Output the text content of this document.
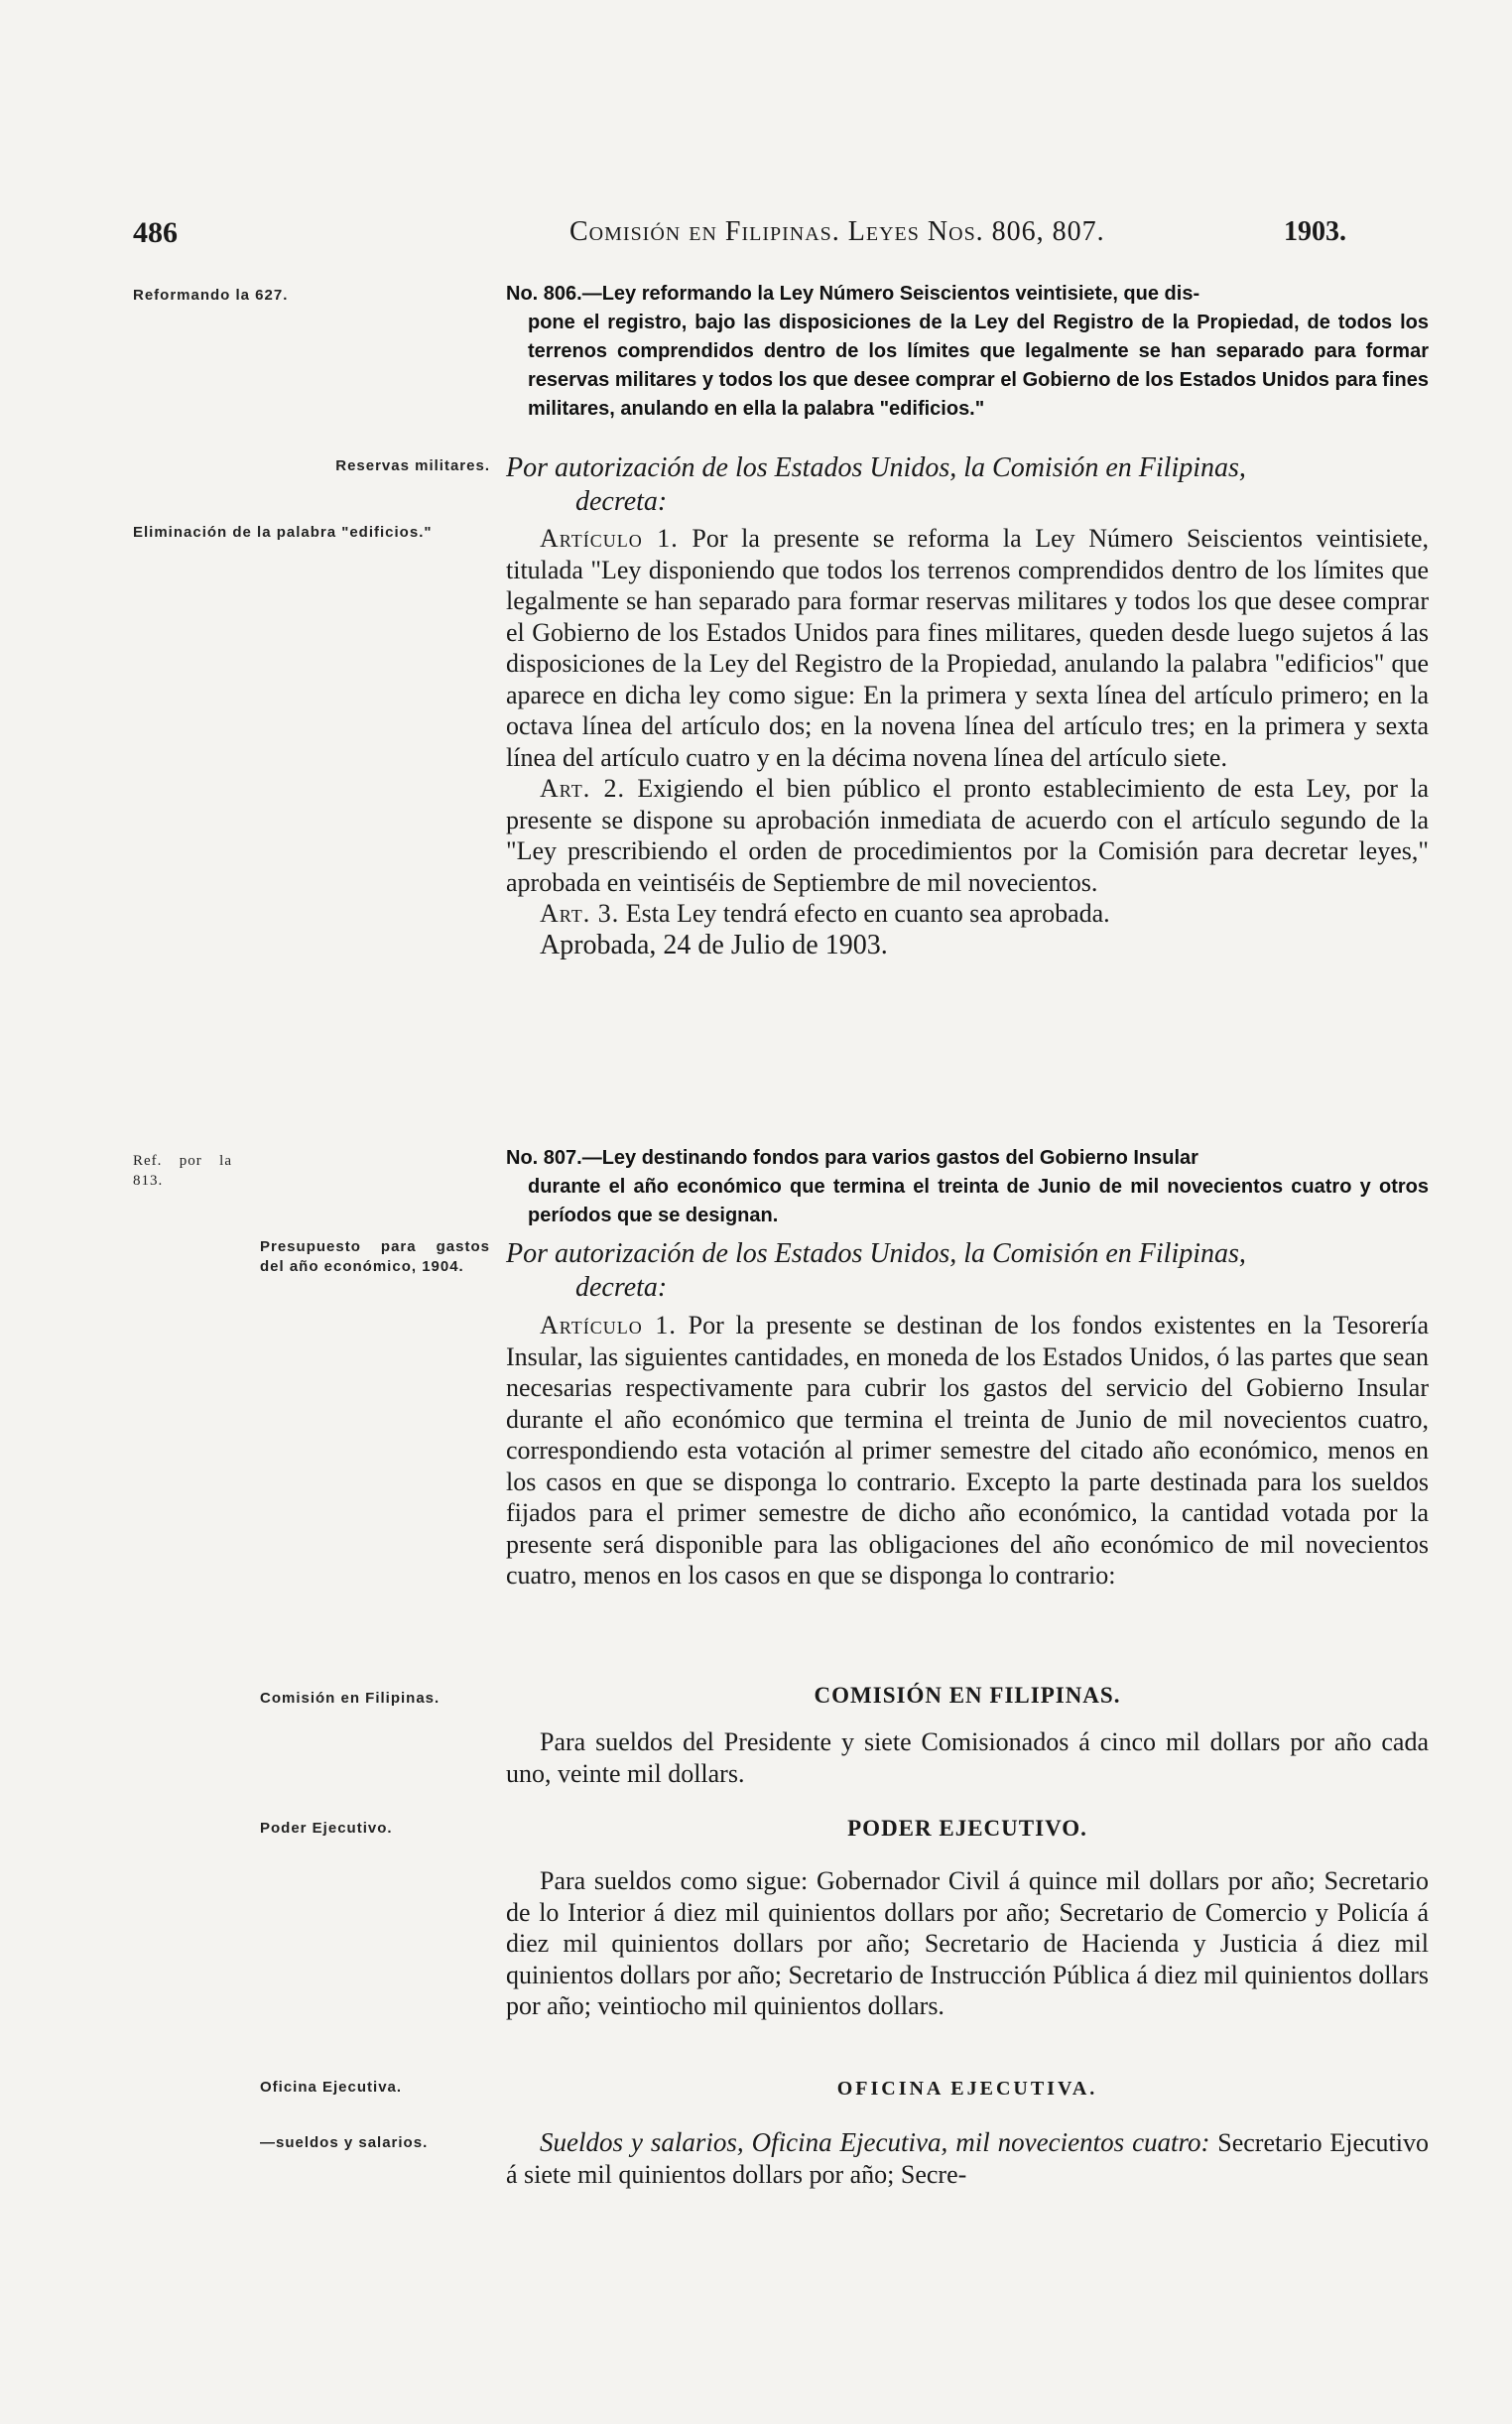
486	Comisión en Filipinas. Leyes Nos. 806, 807.	1903.
Reformando la 627.
Reservas militares.
Eliminación de la palabra "edificios."
Ref. por la 813.
Presupuesto para gastos del año económico, 1904.
Comisión en Filipinas.
Poder Ejecutivo.
Oficina Ejecutiva.
—sueldos y salarios.
No. 806.—Ley reformando la Ley Número Seiscientos veintisiete, que dis-
pone el registro, bajo las disposiciones de la Ley del Registro de la Propiedad, de todos los terrenos comprendidos dentro de los límites que legalmente se han separado para formar reservas militares y todos los que desee comprar el Gobierno de los Estados Unidos para fines militares, anulando en ella la palabra "edificios."
Por autorización de los Estados Unidos, la Comisión en Filipinas,
decreta:

Artículo 1. Por la presente se reforma la Ley Número Seiscientos veintisiete, titulada "Ley disponiendo que todos los terrenos comprendidos dentro de los límites que legalmente se han separado para formar reservas militares y todos los que desee comprar el Gobierno de los Estados Unidos para fines militares, queden desde luego sujetos á las disposiciones de la Ley del Registro de la Propiedad, anulando la palabra "edificios" que aparece en dicha ley como sigue: En la primera y sexta línea del artículo primero; en la octava línea del artículo dos; en la novena línea del artículo tres; en la primera y sexta línea del artículo cuatro y en la décima novena línea del artículo siete.

Art. 2. Exigiendo el bien público el pronto establecimiento de esta Ley, por la presente se dispone su aprobación inmediata de acuerdo con el artículo segundo de la "Ley prescribiendo el orden de procedimientos por la Comisión para decretar leyes," aprobada en veintiséis de Septiembre de mil novecientos.

Art. 3. Esta Ley tendrá efecto en cuanto sea aprobada.

Aprobada, 24 de Julio de 1903.
No. 807.—Ley destinando fondos para varios gastos del Gobierno Insular
durante el año económico que termina el treinta de Junio de mil novecientos cuatro y otros períodos que se designan.
Por autorización de los Estados Unidos, la Comisión en Filipinas,
decreta:

Artículo 1. Por la presente se destinan de los fondos existentes en la Tesorería Insular, las siguientes cantidades, en moneda de los Estados Unidos, ó las partes que sean necesarias respectivamente para cubrir los gastos del servicio del Gobierno Insular durante el año económico que termina el treinta de Junio de mil novecientos cuatro, correspondiendo esta votación al primer semestre del citado año económico, menos en los casos en que se disponga lo contrario. Excepto la parte destinada para los sueldos fijados para el primer semestre de dicho año económico, la cantidad votada por la presente será disponible para las obligaciones del año económico de mil novecientos cuatro, menos en los casos en que se disponga lo contrario:

COMISIÓN EN FILIPINAS.

Para sueldos del Presidente y siete Comisionados á cinco mil dollars por año cada uno, veinte mil dollars.

PODER EJECUTIVO.

Para sueldos como sigue: Gobernador Civil á quince mil dollars por año; Secretario de lo Interior á diez mil quinientos dollars por año; Secretario de Comercio y Policía á diez mil quinientos dollars por año; Secretario de Hacienda y Justicia á diez mil quinientos dollars por año; Secretario de Instrucción Pública á diez mil quinientos dollars por año; veintiocho mil quinientos dollars.

OFICINA EJECUTIVA.

Sueldos y salarios, Oficina Ejecutiva, mil novecientos cuatro: Secretario Ejecutivo á siete mil quinientos dollars por año; Secre-
